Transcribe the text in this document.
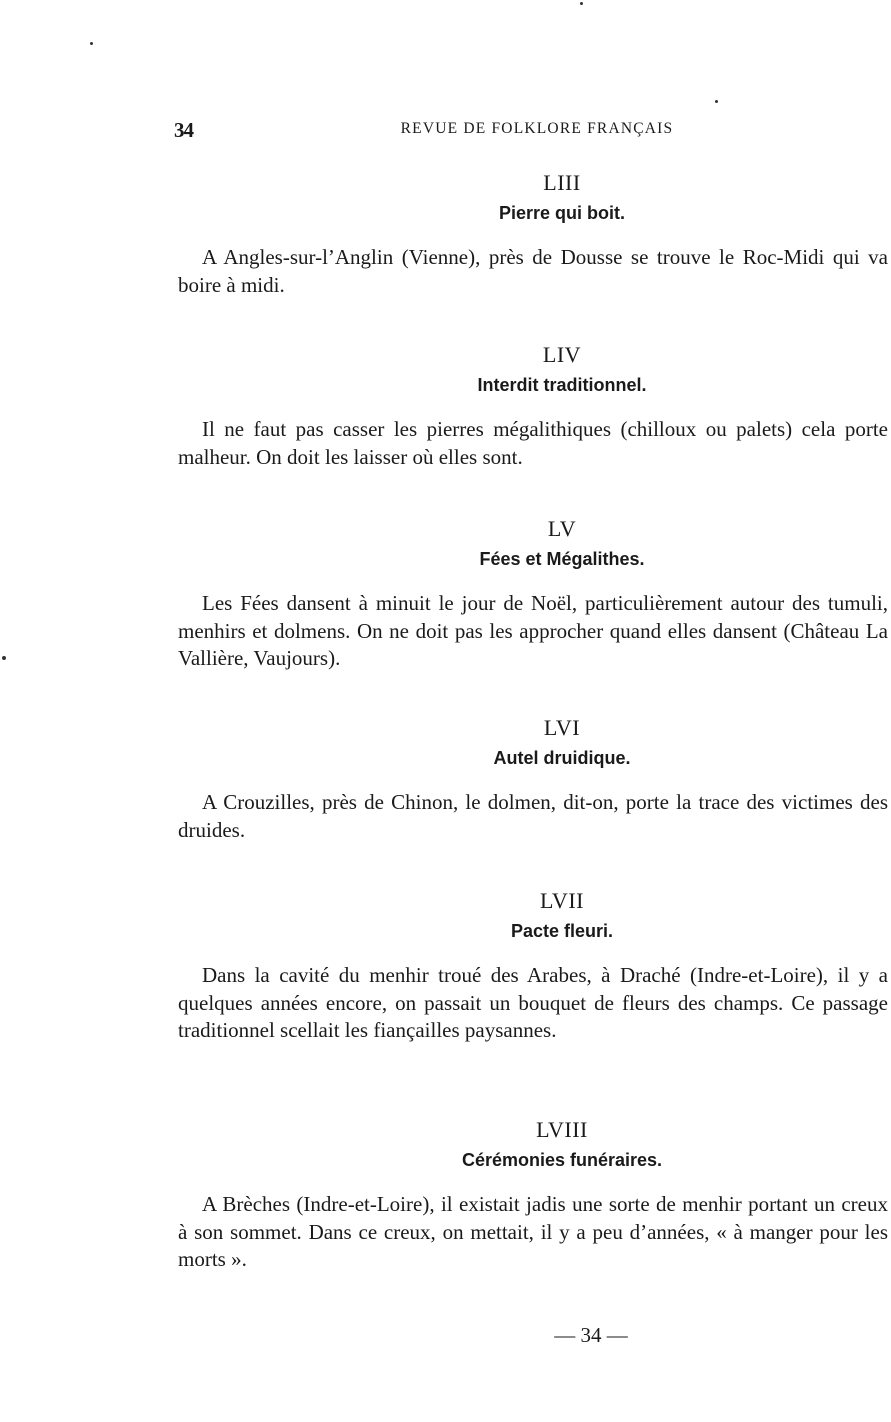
34	REVUE DE FOLKLORE FRANÇAIS
LIII
Pierre qui boit.

A Angles-sur-l’Anglin (Vienne), près de Dousse se trouve le Roc-Midi qui va boire à midi.

LIV
Interdit traditionnel.

Il ne faut pas casser les pierres mégalithiques (chilloux ou palets) cela porte malheur. On doit les laisser où elles sont.

LV
Fées et Mégalithes.

Les Fées dansent à minuit le jour de Noël, particulièrement autour des tumuli, menhirs et dolmens. On ne doit pas les approcher quand elles dansent (Château La Vallière, Vaujours).

LVI
Autel druidique.

A Crouzilles, près de Chinon, le dolmen, dit-on, porte la trace des victimes des druides.

LVII
Pacte fleuri.

Dans la cavité du menhir troué des Arabes, à Draché (Indre-et-Loire), il y a quelques années encore, on passait un bouquet de fleurs des champs. Ce passage traditionnel scellait les fiançailles paysannes.

LVIII
Cérémonies funéraires.

A Brèches (Indre-et-Loire), il existait jadis une sorte de menhir portant un creux à son sommet. Dans ce creux, on mettait, il y a peu d’années, « à manger pour les morts ».

— 34 —
